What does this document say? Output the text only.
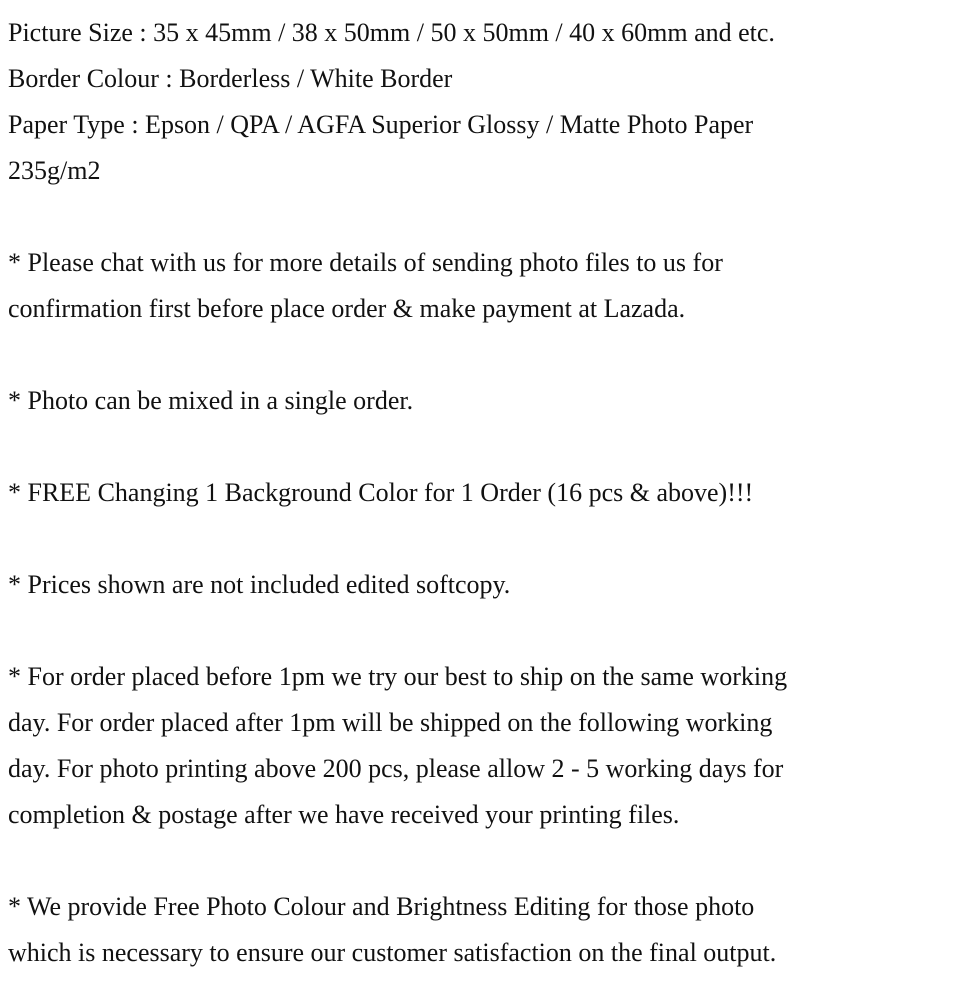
Picture Size : 35 x 45mm / 38 x 50mm / 50 x 50mm / 40 x 60mm and etc.

Border Colour : Borderless / White Border

Paper Type : Epson / QPA / AGFA Superior Glossy / Matte Photo Paper

235g/m2

* Please chat with us for more details of sending photo files to us for

confirmation first before place order & make payment at Lazada.

* Photo can be mixed in a single order.

* FREE Changing 1 Background Color for 1 Order (16 pcs & above)!!!

* Prices shown are not included edited softcopy.

* For order placed before 1pm we try our best to ship on the same working

day. For order placed after 1pm will be shipped on the following working

day. For photo printing above 200 pcs, please allow 2 - 5 working days for

completion & postage after we have received your printing files.

* We provide Free Photo Colour and Brightness Editing for those photo

which is necessary to ensure our customer satisfaction on the final output.
